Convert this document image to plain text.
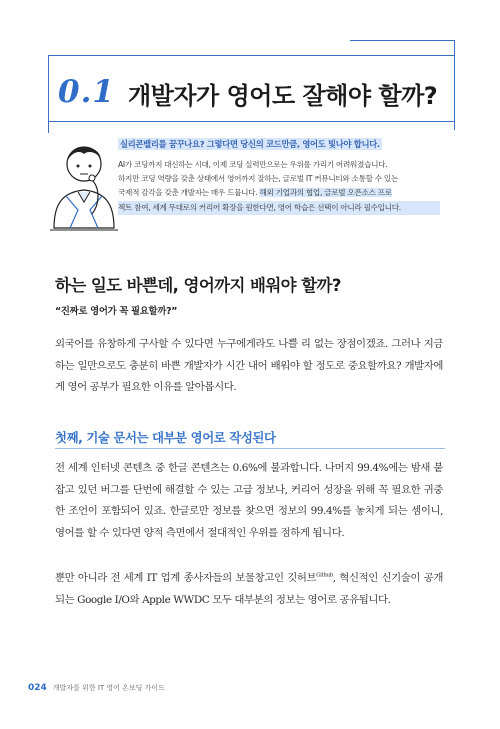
0.1 개발자가 영어도 잘해야 할까?
실리콘밸리를 꿈꾸나요? 그렇다면 당신의 코드만큼, 영어도 빛나야 합니다.
AI가 코딩까지 대신하는 시대, 이제 코딩 실력만으로는 우위를 가리기 어려워졌습니다.
하지만 코딩 역량을 갖춘 상태에서 영어까지 잘하는, 글로벌 IT 커뮤니티와 소통할 수 있는
국제적 감각을 갖춘 개발자는 매우 드뭅니다. 해외 기업과의 협업, 글로벌 오픈소스 프로
젝트 참여, 세계 무대로의 커리어 확장을 원한다면, 영어 학습은 선택이 아니라 필수입니다.
하는 일도 바쁜데, 영어까지 배워야 할까?
“진짜로 영어가 꼭 필요할까?”
외국어를 유창하게 구사할 수 있다면 누구에게라도 나쁠 리 없는 장점이겠죠. 그러나 지금 하는 일만으로도 충분히 바쁜 개발자가 시간 내어 배워야 할 정도로 중요할까요? 개발자에게 영어 공부가 필요한 이유를 알아봅시다.
첫째, 기술 문서는 대부분 영어로 작성된다
전 세계 인터넷 콘텐츠 중 한글 콘텐츠는 0.6%에 불과합니다. 나머지 99.4%에는 밤새 붙잡고 있던 버그를 단번에 해결할 수 있는 고급 정보나, 커리어 성장을 위해 꼭 필요한 귀중한 조언이 포함되어 있죠. 한글로만 정보를 찾으면 정보의 99.4%를 놓치게 되는 셈이니, 영어를 할 수 있다면 양적 측면에서 절대적인 우위를 점하게 됩니다.
뿐만 아니라 전 세계 IT 업계 종사자들의 보물창고인 깃허브$^{Github}$, 혁신적인 신기술이 공개되는 Google I/O와 Apple WWDC 모두 대부분의 정보는 영어로 공유됩니다.
024 개발자를 위한 IT 영어 온보딩 가이드
